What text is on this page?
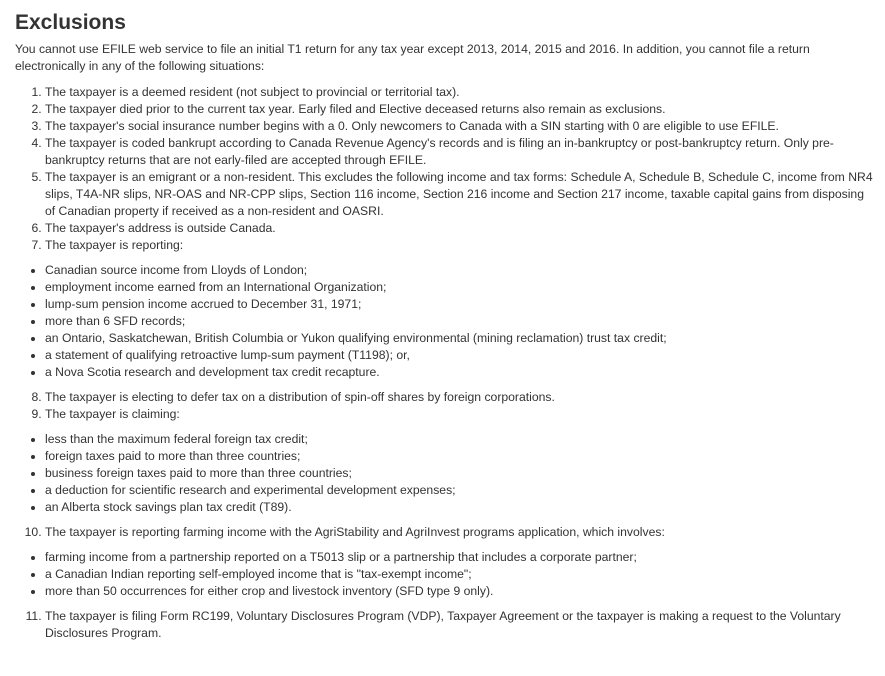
Exclusions

You cannot use EFILE web service to file an initial T1 return for any tax year except 2013, 2014, 2015 and 2016. In addition, you cannot file a return electronically in any of the following situations:

1. The taxpayer is a deemed resident (not subject to provincial or territorial tax).
2. The taxpayer died prior to the current tax year. Early filed and Elective deceased returns also remain as exclusions.
3. The taxpayer's social insurance number begins with a 0. Only newcomers to Canada with a SIN starting with 0 are eligible to use EFILE.
4. The taxpayer is coded bankrupt according to Canada Revenue Agency's records and is filing an in-bankruptcy or post-bankruptcy return. Only pre-bankruptcy returns that are not early-filed are accepted through EFILE.
5. The taxpayer is an emigrant or a non-resident. This excludes the following income and tax forms: Schedule A, Schedule B, Schedule C, income from NR4 slips, T4A-NR slips, NR-OAS and NR-CPP slips, Section 116 income, Section 216 income and Section 217 income, taxable capital gains from disposing of Canadian property if received as a non-resident and OASRI.
6. The taxpayer's address is outside Canada.
7. The taxpayer is reporting:
• Canadian source income from Lloyds of London;
• employment income earned from an International Organization;
• lump-sum pension income accrued to December 31, 1971;
• more than 6 SFD records;
• an Ontario, Saskatchewan, British Columbia or Yukon qualifying environmental (mining reclamation) trust tax credit;
• a statement of qualifying retroactive lump-sum payment (T1198); or,
• a Nova Scotia research and development tax credit recapture.
8. The taxpayer is electing to defer tax on a distribution of spin-off shares by foreign corporations.
9. The taxpayer is claiming:
• less than the maximum federal foreign tax credit;
• foreign taxes paid to more than three countries;
• business foreign taxes paid to more than three countries;
• a deduction for scientific research and experimental development expenses;
• an Alberta stock savings plan tax credit (T89).
10. The taxpayer is reporting farming income with the AgriStability and AgriInvest programs application, which involves:
• farming income from a partnership reported on a T5013 slip or a partnership that includes a corporate partner;
• a Canadian Indian reporting self-employed income that is "tax-exempt income";
• more than 50 occurrences for either crop and livestock inventory (SFD type 9 only).
11. The taxpayer is filing Form RC199, Voluntary Disclosures Program (VDP), Taxpayer Agreement or the taxpayer is making a request to the Voluntary Disclosures Program.
